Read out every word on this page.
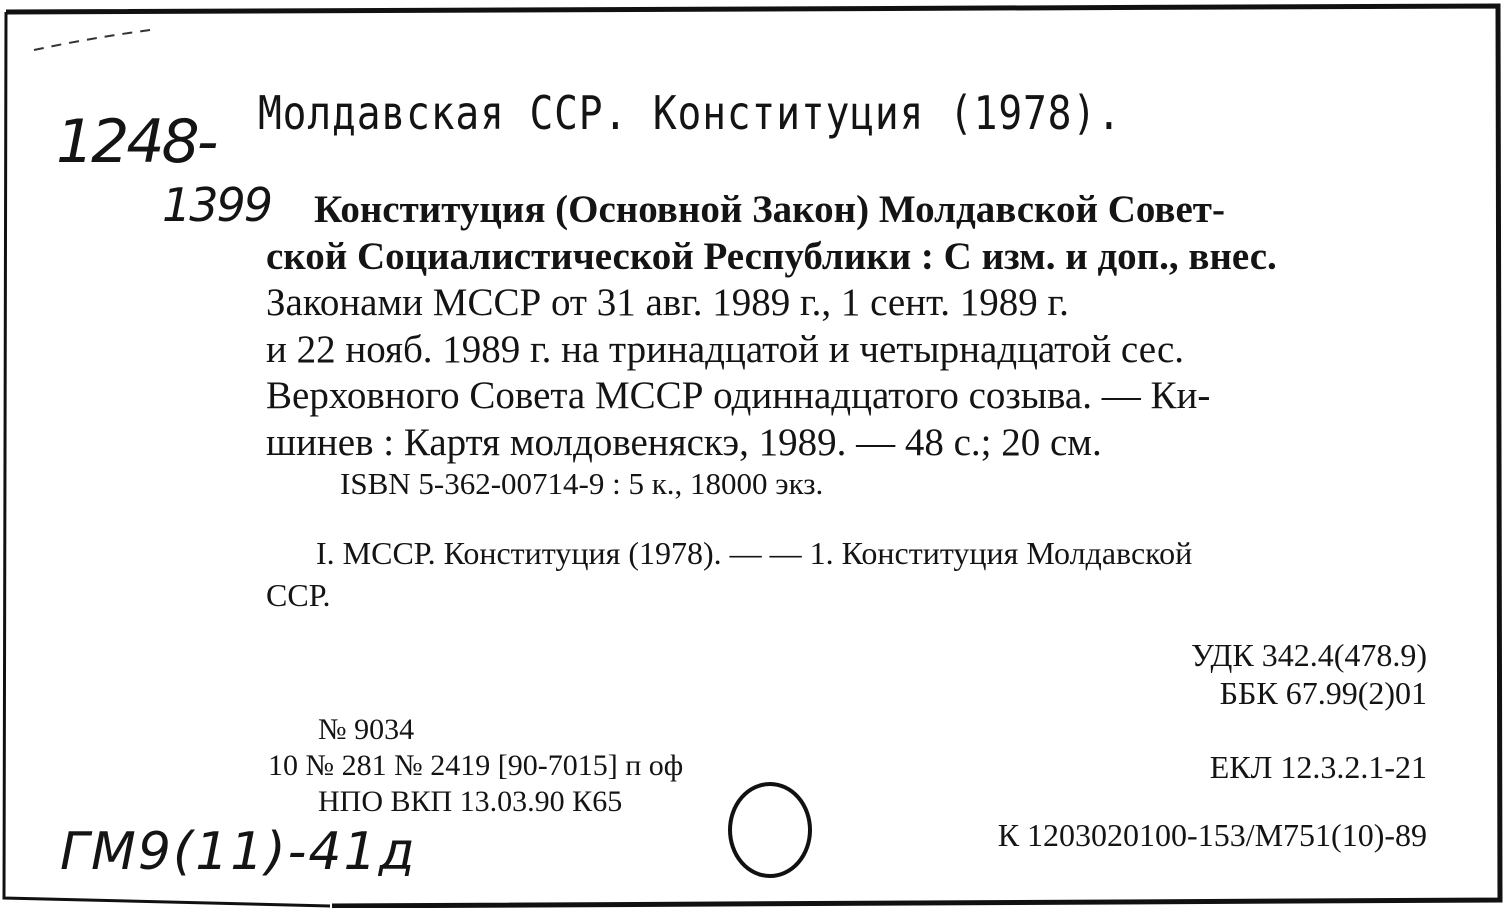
1248- Молдавская ССР. Конституция (1978).
1399	Конституция (Основной Закон) Молдавской Совет-
ской Социалистической Республики : С изм. и доп., внес.
Законами МССР от 31 авг. 1989 г., 1 сент. 1989 г.
и 22 нояб. 1989 г. на тринадцатой и четырнадцатой сес.
Верховного Совета МССР одиннадцатого созыва. — Ки-
шинев : Картя молдовеняскэ, 1989. — 48 с.; 20 см.

ISBN 5-362-00714-9 : 5 к., 18000 экз.

I. МССР. Конституция (1978). — — 1. Конституция Молдавской
ССР.

УДК 342.4(478.9)

ББК 67.99(2)01

ЕКЛ 12.3.2.1-21

К 1203020100-153/М751(10)-89

№ 9034

10 № 281 № 2419 [90-7015] п оф

НПО ВКП 13.03.90 К65

ГМ9(11)-41д
